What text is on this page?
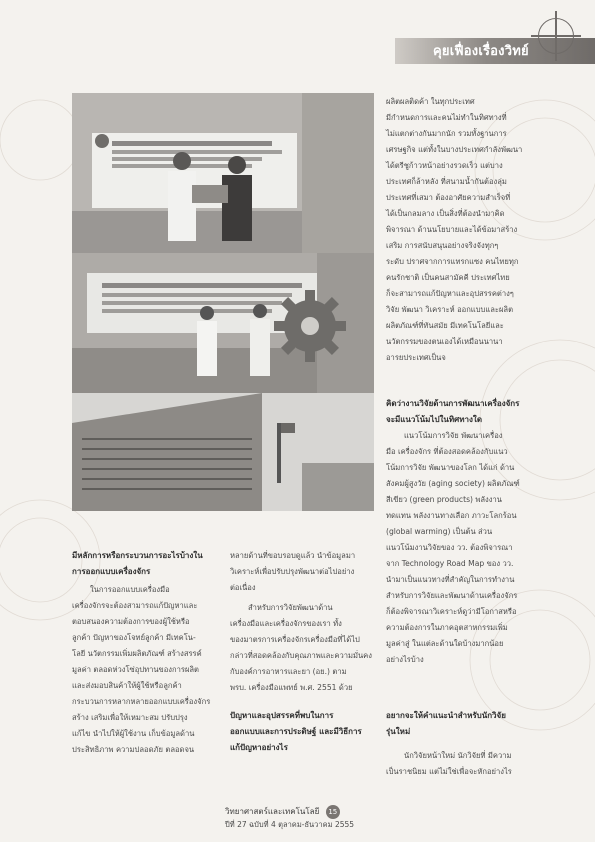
คุยเฟื่องเรื่องวิทย์

ผลิตผลติดค้า ในทุกประเทศ

มีกำหนดการและคนไม่ทำในทิศทางที่

ไม่แตกต่างกันมากนัก รวมทั้งฐานการ

เศรษฐกิจ แต่ทั้งในบางประเทศกำลังพัฒนา

ได้ตรีชูก้าวหน้าอย่างรวดเร็ว แต่บาง

ประเทศก็ล้าหลัง ที่สนามน้ำกันต้องลุ่ม

ประเทศที่เสมา ต้องอาศัยความสำเร็จที่

ได้เป็นกลมลาง เป็นสิ่งที่ต้องนำมาคิด

พิจารณา ด้านนโยบายและได้ข้อมาสร้าง

เสริม การสนับสนุนอย่างจริงจังทุกๆ

ระดับ ปราศจากการแทรกแซง คนไทยทุก

คนรักชาติ เป็นคนสามัคคี ประเทศไทย

ก็จะสามารถแก้ปัญหาและอุปสรรคต่างๆ

วิจัย พัฒนา วิเคราะห์ ออกแบบและผลิต

ผลิตภัณฑ์ที่ทันสมัย มีเทคโนโลยีและ

นวัตกรรมของตนเองได้เหมือนนานา

อารยประเทศเป็นจ

คิดว่างานวิจัยด้านการพัฒนาเครื่องจักร

จะมีแนวโน้มไปในทิศทางใด

แนวโน้มการวิจัย พัฒนาเครื่อง

มือ เครื่องจักร ที่ต้องสอดคล้องกับแนว

โน้มการวิจัย พัฒนาของโลก ได้แก่ ด้าน

สังคมผู้สูงวัย (aging society) ผลิตภัณฑ์

สีเขียว (green products) พลังงาน

ทดแทน พลังงานทางเลือก ภาวะโลกร้อน

(global warming) เป็นต้น ส่วน

แนวโน้มงานวิจัยของ วว. ต้องพิจารณา

จาก Technology Road Map ของ วว.

นำมาเป็นแนวทางที่สำคัญในการทำงาน

สำหรับการวิจัยและพัฒนาด้านเครื่องจักร

ก็ต้องพิจารณาวิเคราะห์ดูว่ามีโอกาสหรือ

ความต้องการในภาคอุตสาหกรรมเพิ่ม

มูลค่าสู่ ในแต่ละด้านใดบ้างมากน้อย

อย่างไรบ้าง

อยากจะให้คำแนะนำสำหรับนักวิจัย

รุ่นใหม่

นักวิจัยหน้าใหม่ นักวิจัยที่ มีความ

เป็นราชนิยม แต่ไม่ใช่เพื่อจะหักอย่างไร

มีหลักการหรือกระบวนการอะไรบ้างใน

การออกแบบเครื่องจักร

ในการออกแบบเครื่องมือ

เครื่องจักรจะต้องสามารถแก้ปัญหาและ

ตอบสนองความต้องการของผู้ใช้หรือ

ลูกค้า ปัญหาของโจทย์ลูกค้า มีเทคโน-

โลยี นวัตกรรมเพิ่มผลิตภัณฑ์ สร้างสรรค์

มูลค่า ตลอดห่วงโซ่อุปทานของการผลิต

และส่งมอบสินค้าให้ผู้ใช้หรือลูกค้า

กระบวนการหลากหลายออกแบบเครื่องจักร

สร้าง เสริมเพื่อให้เหมาะสม ปรับปรุง

แก้ไข นำไปให้ผู้ใช้งาน เก็บข้อมูลด้าน

ประสิทธิภาพ ความปลอดภัย ตลอดจน

หลายด้านที่ขอบรอบดูแล้ว นำข้อมูลมา

วิเคราะห์เพื่อปรับปรุงพัฒนาต่อไปอย่าง

ต่อเนื่อง

สำหรับการวิจัยพัฒนาด้าน

เครื่องมือและเครื่องจักรของเรา ทั้ง

ของมาตรการเครื่องจักรเครื่องมือที่ได้ไป

กล่าวที่สอดคล้องกับคุณภาพและความมั่นคง

กับองค์การอาหารและยา (อย.) ตาม

พรบ. เครื่องมือแพทย์ พ.ศ. 2551 ด้วย

ปัญหาและอุปสรรคที่พบในการ

ออกแบบและการประดิษฐ์ และมีวิธีการ

แก้ปัญหาอย่างไร

วิทยาศาสตร์และเทคโนโลยี 15
ปีที่ 27 ฉบับที่ 4 ตุลาคม-ธันวาคม 2555
